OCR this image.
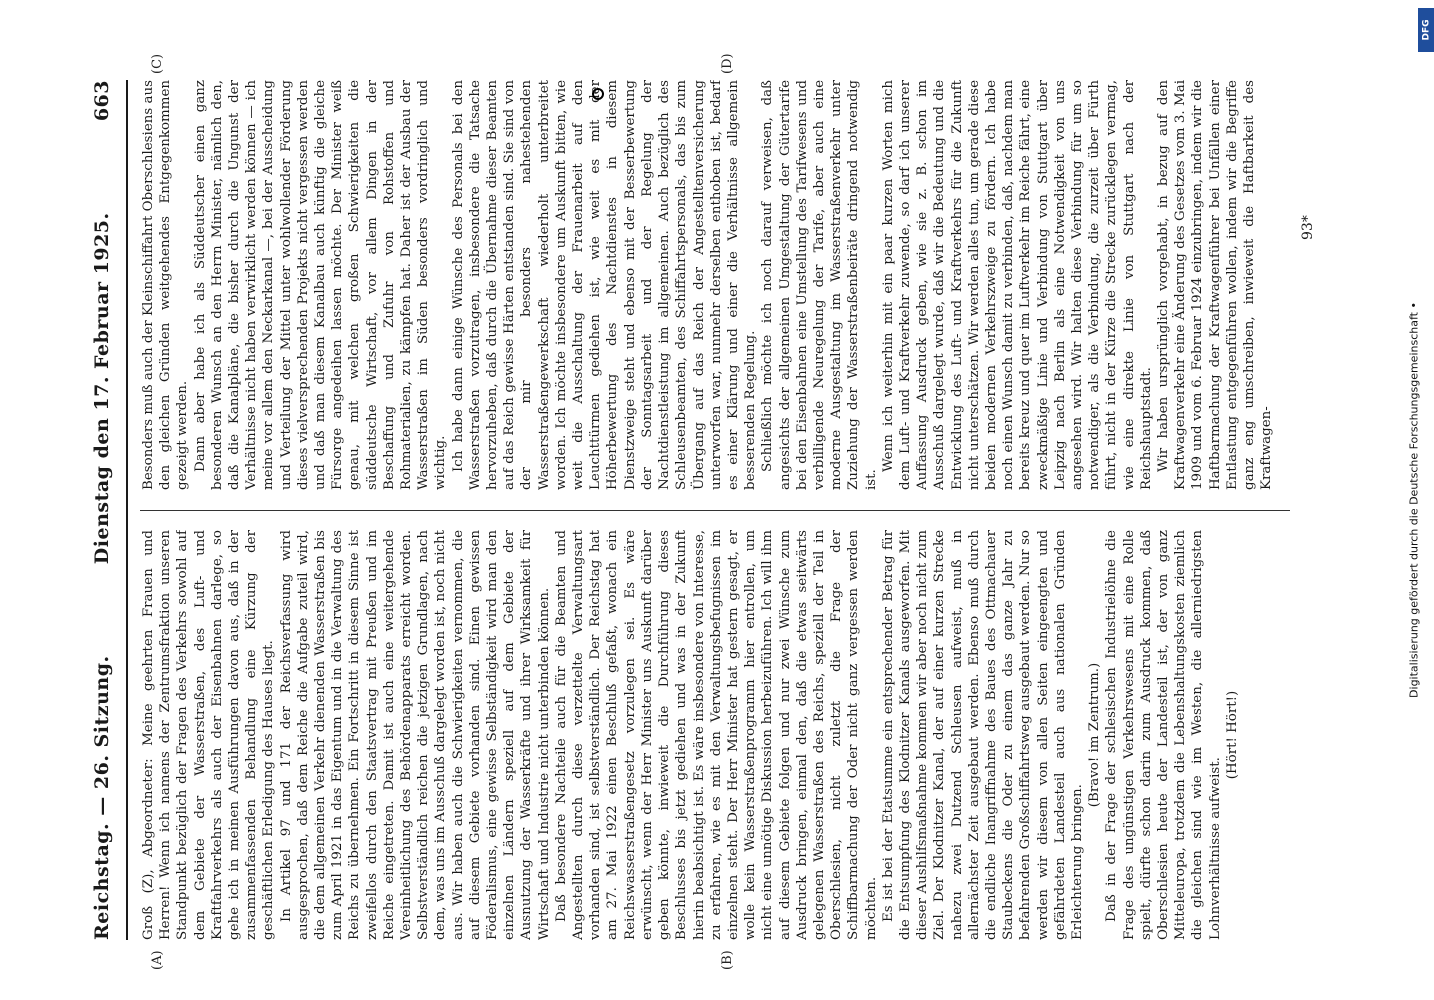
Reichstag. — 26. Sitzung.
Dienstag den 17. Februar 1925.
663

Groß (Z), Abgeordneter: Meine geehrten Frauen und Herren! Wenn ich namens der Zentrumsfraktion unseren Standpunkt bezüglich der Fragen des Verkehrs sowohl auf dem Gebiete der Wasserstraßen, des Luft- und Kraftfahrverkehrs als auch der Eisenbahnen darlege, so gehe ich in meinen Ausführungen davon aus, daß in der zusammenfassenden Behandlung eine Kürzung der geschäftlichen Erledigung des Hauses liegt. In Artikel 97 und 171 der Reichsverfassung wird ausgesprochen, daß dem Reiche die Aufgabe zuteil wird, die dem allgemeinen Verkehr dienenden Wasserstraßen bis zum April 1921 in das Eigentum und in die Verwaltung des Reichs zu übernehmen. Ein Fortschritt in diesem Sinne ist zweifellos durch den Staatsvertrag mit Preußen und im Reiche eingetreten. Damit ist auch eine weitergehende Vereinheitlichung des Behördenapparats erreicht worden. Selbstverständlich reichen die jetzigen Grundlagen, nach dem, was uns im Ausschuß dargelegt worden ist, noch nicht aus. Wir haben auch die Schwierigkeiten vernommen, die auf diesem Gebiete vorhanden sind. Einen gewissen Föderalismus, eine gewisse Selbständigkeit wird man den einzelnen Ländern speziell auf dem Gebiete der Ausnutzung der Wasserkräfte und ihrer Wirksamkeit für Wirtschaft und Industrie nicht unterbinden können. Daß besondere Nachteile auch für die Beamten und Angestellten durch diese verzettelte Verwaltungsart vorhanden sind, ist selbstverständlich. Der Reichstag hat am 27. Mai 1922 einen Beschluß gefaßt, wonach ein Reichswasserstraßengesetz vorzulegen sei. Es wäre erwünscht, wenn der Herr Minister uns Auskunft darüber geben könnte, inwieweit die Durchführung dieses Beschlusses bis jetzt gediehen und was in der Zukunft hierin beabsichtigt ist. Es wäre insbesondere von Interesse, zu erfahren, wie es mit den Verwaltungsbefugnissen im einzelnen steht. Der Herr Minister hat gestern gesagt, er wolle kein Wasserstraßenprogramm hier entrollen, um nicht eine unnötige Diskussion herbeizuführen. Ich will ihm auf diesem Gebiete folgen und nur zwei Wünsche zum Ausdruck bringen, einmal den, daß die etwas seitwärts gelegenen Wasserstraßen des Reichs, speziell der Teil in Oberschlesien, nicht zuletzt die Frage der Schiffbarmachung der Oder nicht ganz vergessen werden möchten. Es ist bei der Etatsumme ein entsprechender Betrag für die Entsumpfung des Klodnitzer Kanals ausgeworfen. Mit dieser Aushilfsmaßnahme kommen wir aber noch nicht zum Ziel. Der Klodnitzer Kanal, der auf einer kurzen Strecke nahezu zwei Dutzend Schleusen aufweist, muß in allernächster Zeit ausgebaut werden. Ebenso muß durch die endliche Inangriffnahme des Baues des Ottmachauer Staubeckens die Oder zu einem das ganze Jahr zu befahrenden Großschiffahrtsweg ausgebaut werden. Nur so werden wir diesem von allen Seiten eingeengten und gefährdeten Landesteil auch aus nationalen Gründen Erleichterung bringen.

(Bravo! im Zentrum.) Daß in der Frage der schlesischen Industrielöhne die Frage des ungünstigen Verkehrswesens mit eine Rolle spielt, dürfte schon darin zum Ausdruck kommen, daß Oberschlesien heute der Landesteil ist, der von ganz Mitteleuropa, trotzdem die Lebenshaltungskosten ziemlich die gleichen sind wie im Westen, die allerniedrigsten Lohnverhältnisse aufweist.

(Hört! Hört!)

Besonders muß auch der Kleinschiffahrt Oberschlesiens aus den gleichen Gründen weitgehendes Entgegenkommen gezeigt werden. Dann aber habe ich als Süddeutscher einen ganz besonderen Wunsch an den Herrn Minister, nämlich den, daß die Kanalpläne, die bisher durch die Ungunst der Verhältnisse nicht haben verwirklicht werden können — ich meine vor allem den Neckarkanal —, bei der Ausscheidung und Verteilung der Mittel unter wohlwollender Förderung dieses vielversprechenden Projekts nicht vergessen werden und daß man diesem Kanalbau auch künftig die gleiche Fürsorge angedeihen lassen möchte. Der Minister weiß genau, mit welchen großen Schwierigkeiten die süddeutsche Wirtschaft, vor allem Dingen in der Beschaffung und Zufuhr von Rohstoffen und Rohmaterialien, zu kämpfen hat. Daher ist der Ausbau der Wasserstraßen im Süden besonders vordringlich und wichtig. Ich habe dann einige Wünsche des Personals bei den Wasserstraßen vorzutragen, insbesondere die Tatsache hervorzuheben, daß durch die Übernahme dieser Beamten auf das Reich gewisse Härten entstanden sind. Sie sind von der mir besonders nahestehenden Wasserstraßengewerkschaft wiederholt unterbreitet worden. Ich möchte insbesondere um Auskunft bitten, wie weit die Ausschaltung der Frauenarbeit auf den Leuchttürmen gediehen ist, wie weit es mit der Höherbewertung des Nachtdienstes in diesem Dienstzweige steht und ebenso mit der Besserbewertung der Sonntagsarbeit und der Regelung der Nachtdienstleistung im allgemeinen. Auch bezüglich des Schleusenbeamten, des Schiffahrtspersonals, das bis zum Übergang auf das Reich der Angestelltenversicherung unterworfen war, nunmehr derselben enthoben ist, bedarf es einer Klärung und einer die Verhältnisse allgemein besserenden Regelung. Schließlich möchte ich noch darauf verweisen, daß angesichts der allgemeinen Umgestaltung der Gütertarife bei den Eisenbahnen eine Umstellung des Tarifwesens und verbilligende Neuregelung der Tarife, aber auch eine moderne Ausgestaltung im Wasserstraßenverkehr unter Zuziehung der Wasserstraßenbeiräte dringend notwendig ist.

Wenn ich weiterhin mit ein paar kurzen Worten mich dem Luft- und Kraftverkehr zuwende, so darf ich unserer Auffassung Ausdruck geben, wie sie z. B. schon im Ausschuß dargelegt wurde, daß wir die Bedeutung und die Entwicklung des Luft- und Kraftverkehrs für die Zukunft nicht unterschätzen. Wir werden alles tun, um gerade diese beiden modernen Verkehrszweige zu fördern. Ich habe noch einen Wunsch damit zu verbinden, daß, nachdem man bereits kreuz und quer im Luftverkehr im Reiche fährt, eine zweckmäßige Linie und Verbindung von Stuttgart über Leipzig nach Berlin als eine Notwendigkeit von uns angesehen wird. Wir halten diese Verbindung für um so notwendiger, als die Verbindung, die zurzeit über Fürth führt, nicht in der Kürze die Strecke zurücklegen vermag, wie eine direkte Linie von Stuttgart nach der Reichshauptstadt. Wir haben ursprünglich vorgehabt, in bezug auf den Kraftwagenverkehr eine Änderung des Gesetzes vom 3. Mai 1909 und vom 6. Februar 1924 einzubringen, indem wir die Haftbarmachung der Kraftwagenführer bei Unfällen einer Entlastung entgegenführen wollen, indem wir die Begriffe ganz eng umschreiben, inwieweit die Haftbarkeit des Kraftwagen-

(A)	(B)
(C)	(D)
93*
Digitalisierung gefördert durch die Deutsche Forschungsgemeinschaft •
DFG
